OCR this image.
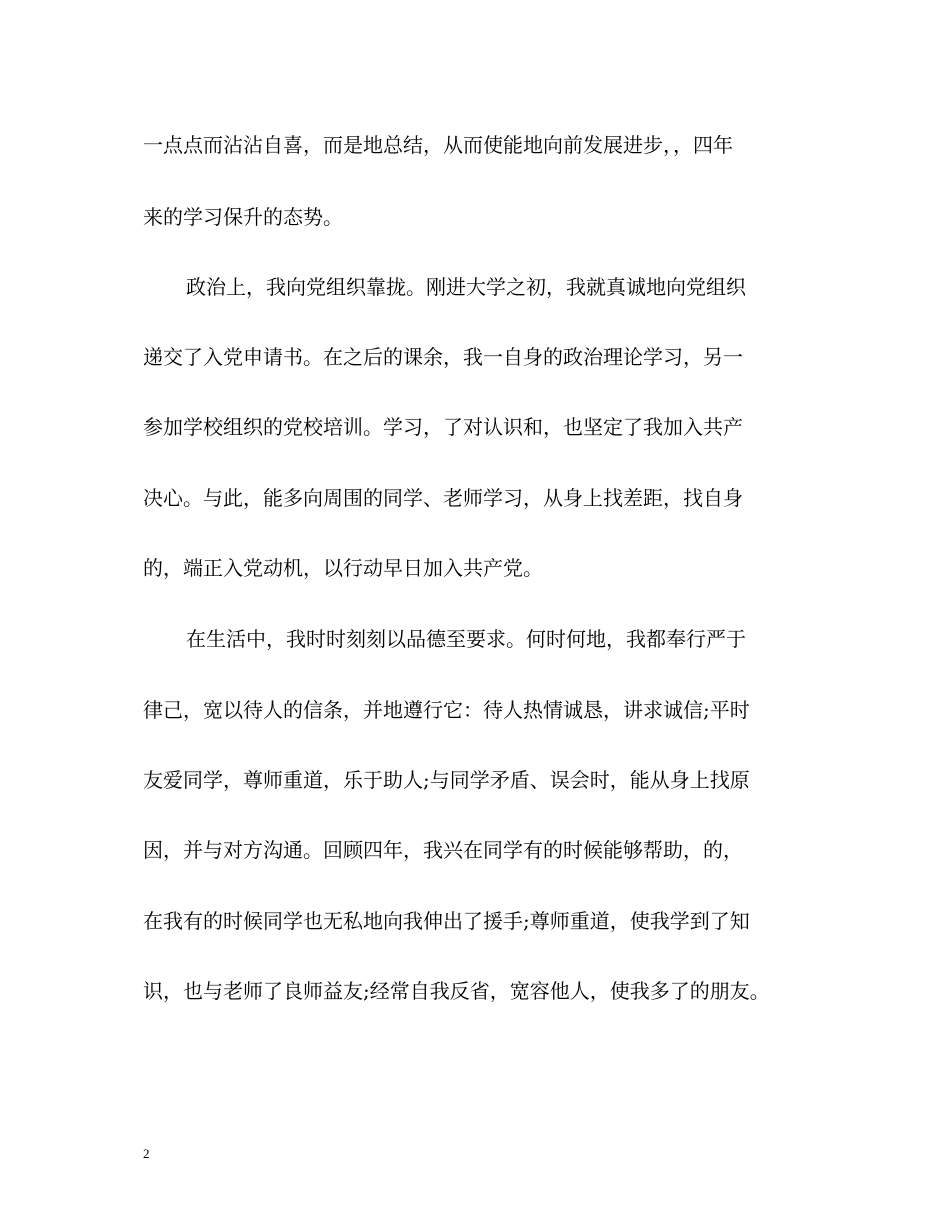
一点点而沾沾自喜，而是地总结，从而使能地向前发展进步，，四年
来的学习保升的态势。
政治上，我向党组织靠拢。刚进大学之初，我就真诚地向党组织
递交了入党申请书。在之后的课余，我一自身的政治理论学习，另一
参加学校组织的党校培训。学习，了对认识和，也坚定了我加入共产
决心。与此，能多向周围的同学、老师学习，从身上找差距，找自身
的，端正入党动机，以行动早日加入共产党。
在生活中，我时时刻刻以品德至要求。何时何地，我都奉行严于
律己，宽以待人的信条，并地遵行它：待人热情诚恳，讲求诚信;平时
友爱同学，尊师重道，乐于助人;与同学矛盾、误会时，能从身上找原
因，并与对方沟通。回顾四年，我兴在同学有的时候能够帮助，的，
在我有的时候同学也无私地向我伸出了援手;尊师重道，使我学到了知
识，也与老师了良师益友;经常自我反省，宽容他人，使我多了的朋友。
2
